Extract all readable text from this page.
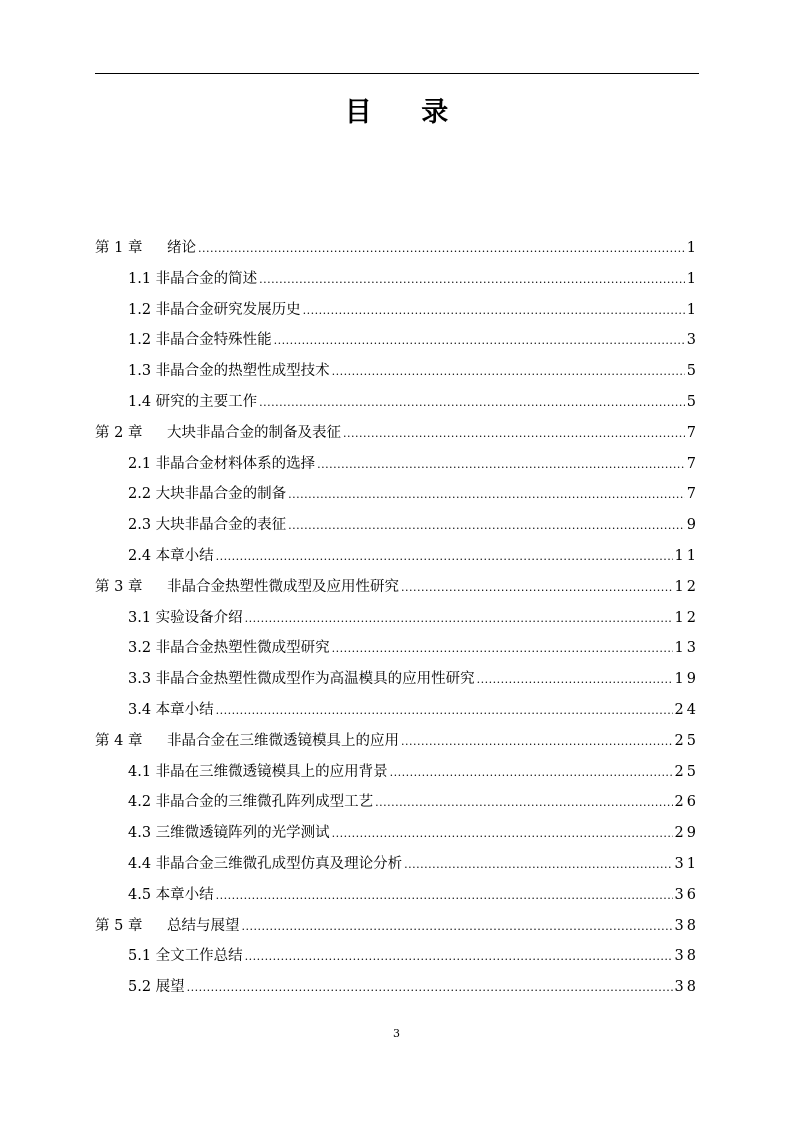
目 录
第 1 章 绪论 .....	1
1.1 非晶合金的简述 .....	1
1.2 非晶合金研究发展历史 .....	1
1.2 非晶合金特殊性能 .....	3
1.3 非晶合金的热塑性成型技术 .....	5
1.4 研究的主要工作 .....	5
第 2 章 大块非晶合金的制备及表征 .....	7
2.1 非晶合金材料体系的选择 .....	7
2.2 大块非晶合金的制备 .....	7
2.3 大块非晶合金的表征 .....	9
2.4 本章小结 .....	11
第 3 章 非晶合金热塑性微成型及应用性研究 .....	12
3.1 实验设备介绍 .....	12
3.2 非晶合金热塑性微成型研究 .....	13
3.3 非晶合金热塑性微成型作为高温模具的应用性研究 .....	19
3.4 本章小结 .....	24
第 4 章 非晶合金在三维微透镜模具上的应用 .....	25
4.1 非晶在三维微透镜模具上的应用背景 .....	25
4.2 非晶合金的三维微孔阵列成型工艺 .....	26
4.3 三维微透镜阵列的光学测试 .....	29
4.4 非晶合金三维微孔成型仿真及理论分析 .....	31
4.5 本章小结 .....	36
第 5 章 总结与展望 .....	38
5.1 全文工作总结 .....	38
5.2 展望 .....	38
3
